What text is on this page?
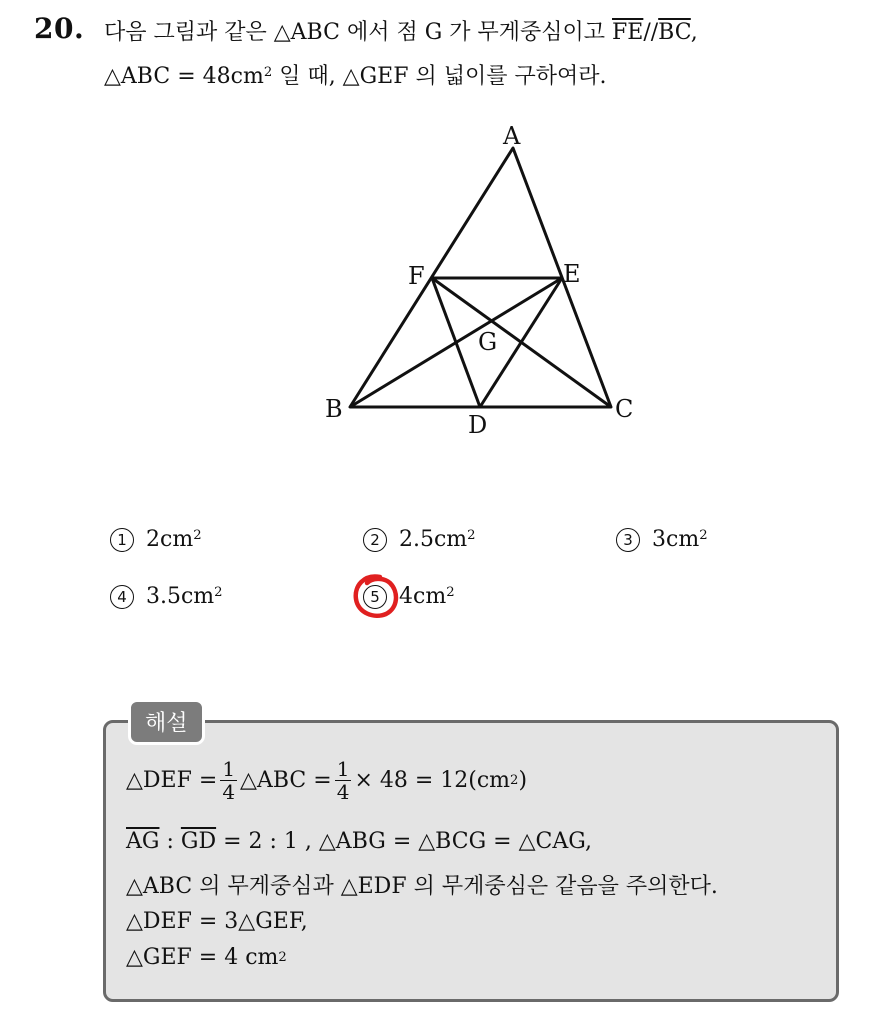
20. 다음 그림과 같은 △ABC 에서 점 G 가 무게중심이고 $\overline{FE}//\overline{BC}$,
△ABC = $48cm^2$ 일 때, △GEF 의 넓이를 구하여라.
A
B	C
D
E
F
G
1 $2cm^2$	2 $2.5cm^2$	3 $3cm^2$
4 $3.5cm^2$	5 $4cm^2$
해설
△DEF = $\frac{1}{4}$ △ABC = $\frac{1}{4} \times 48 = 12(cm$ 2 )
$\overline{AG}$ : $\overline{GD} = 2$ : 1 , △ABG = △BCG = △CAG,
△ABC 의 무게중심과 △EDF 의 무게중심은 같음을 주의한다.
△DEF = 3△GEF,
△GEF = 4 cm 2
